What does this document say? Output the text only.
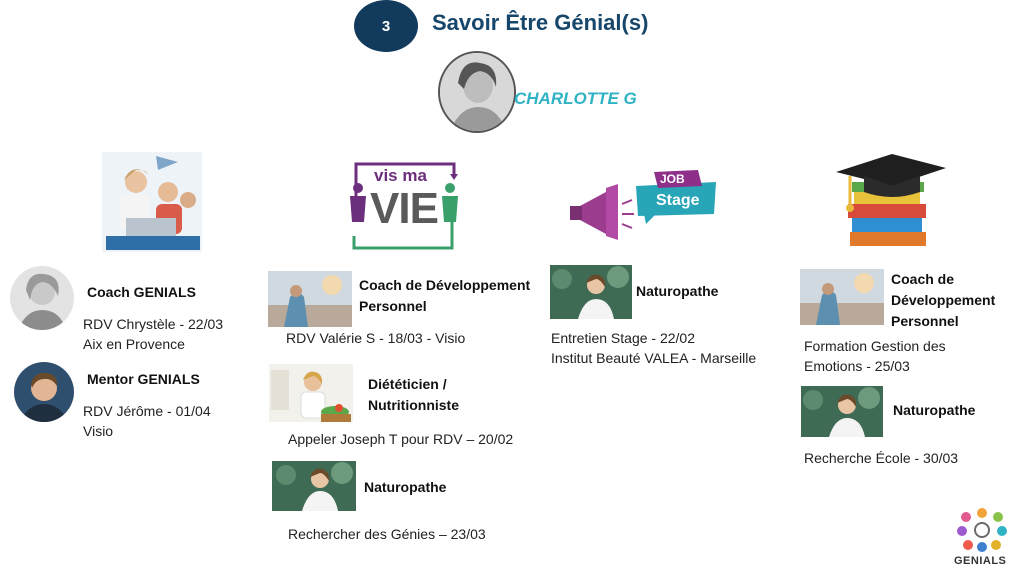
3 Savoir Être Génial(s)
CHARLOTTE G
vis ma
VIE
JOB
Stage
Coach GENIALS
RDV Chrystèle - 22/03
Aix en Provence
Mentor GENIALS
RDV Jérôme - 01/04
Visio
Coach de Développement
Personnel
RDV Valérie S - 18/03 - Visio
Diététicien /
Nutritionniste
Appeler Joseph T pour RDV – 20/02
Naturopathe
Rechercher des Génies – 23/03
Naturopathe
Entretien Stage - 22/02
Institut Beauté VALEA - Marseille
Coach de
Développement
Personnel
Formation Gestion des
Emotions - 25/03
Naturopathe
Recherche École - 30/03
GENIALS
